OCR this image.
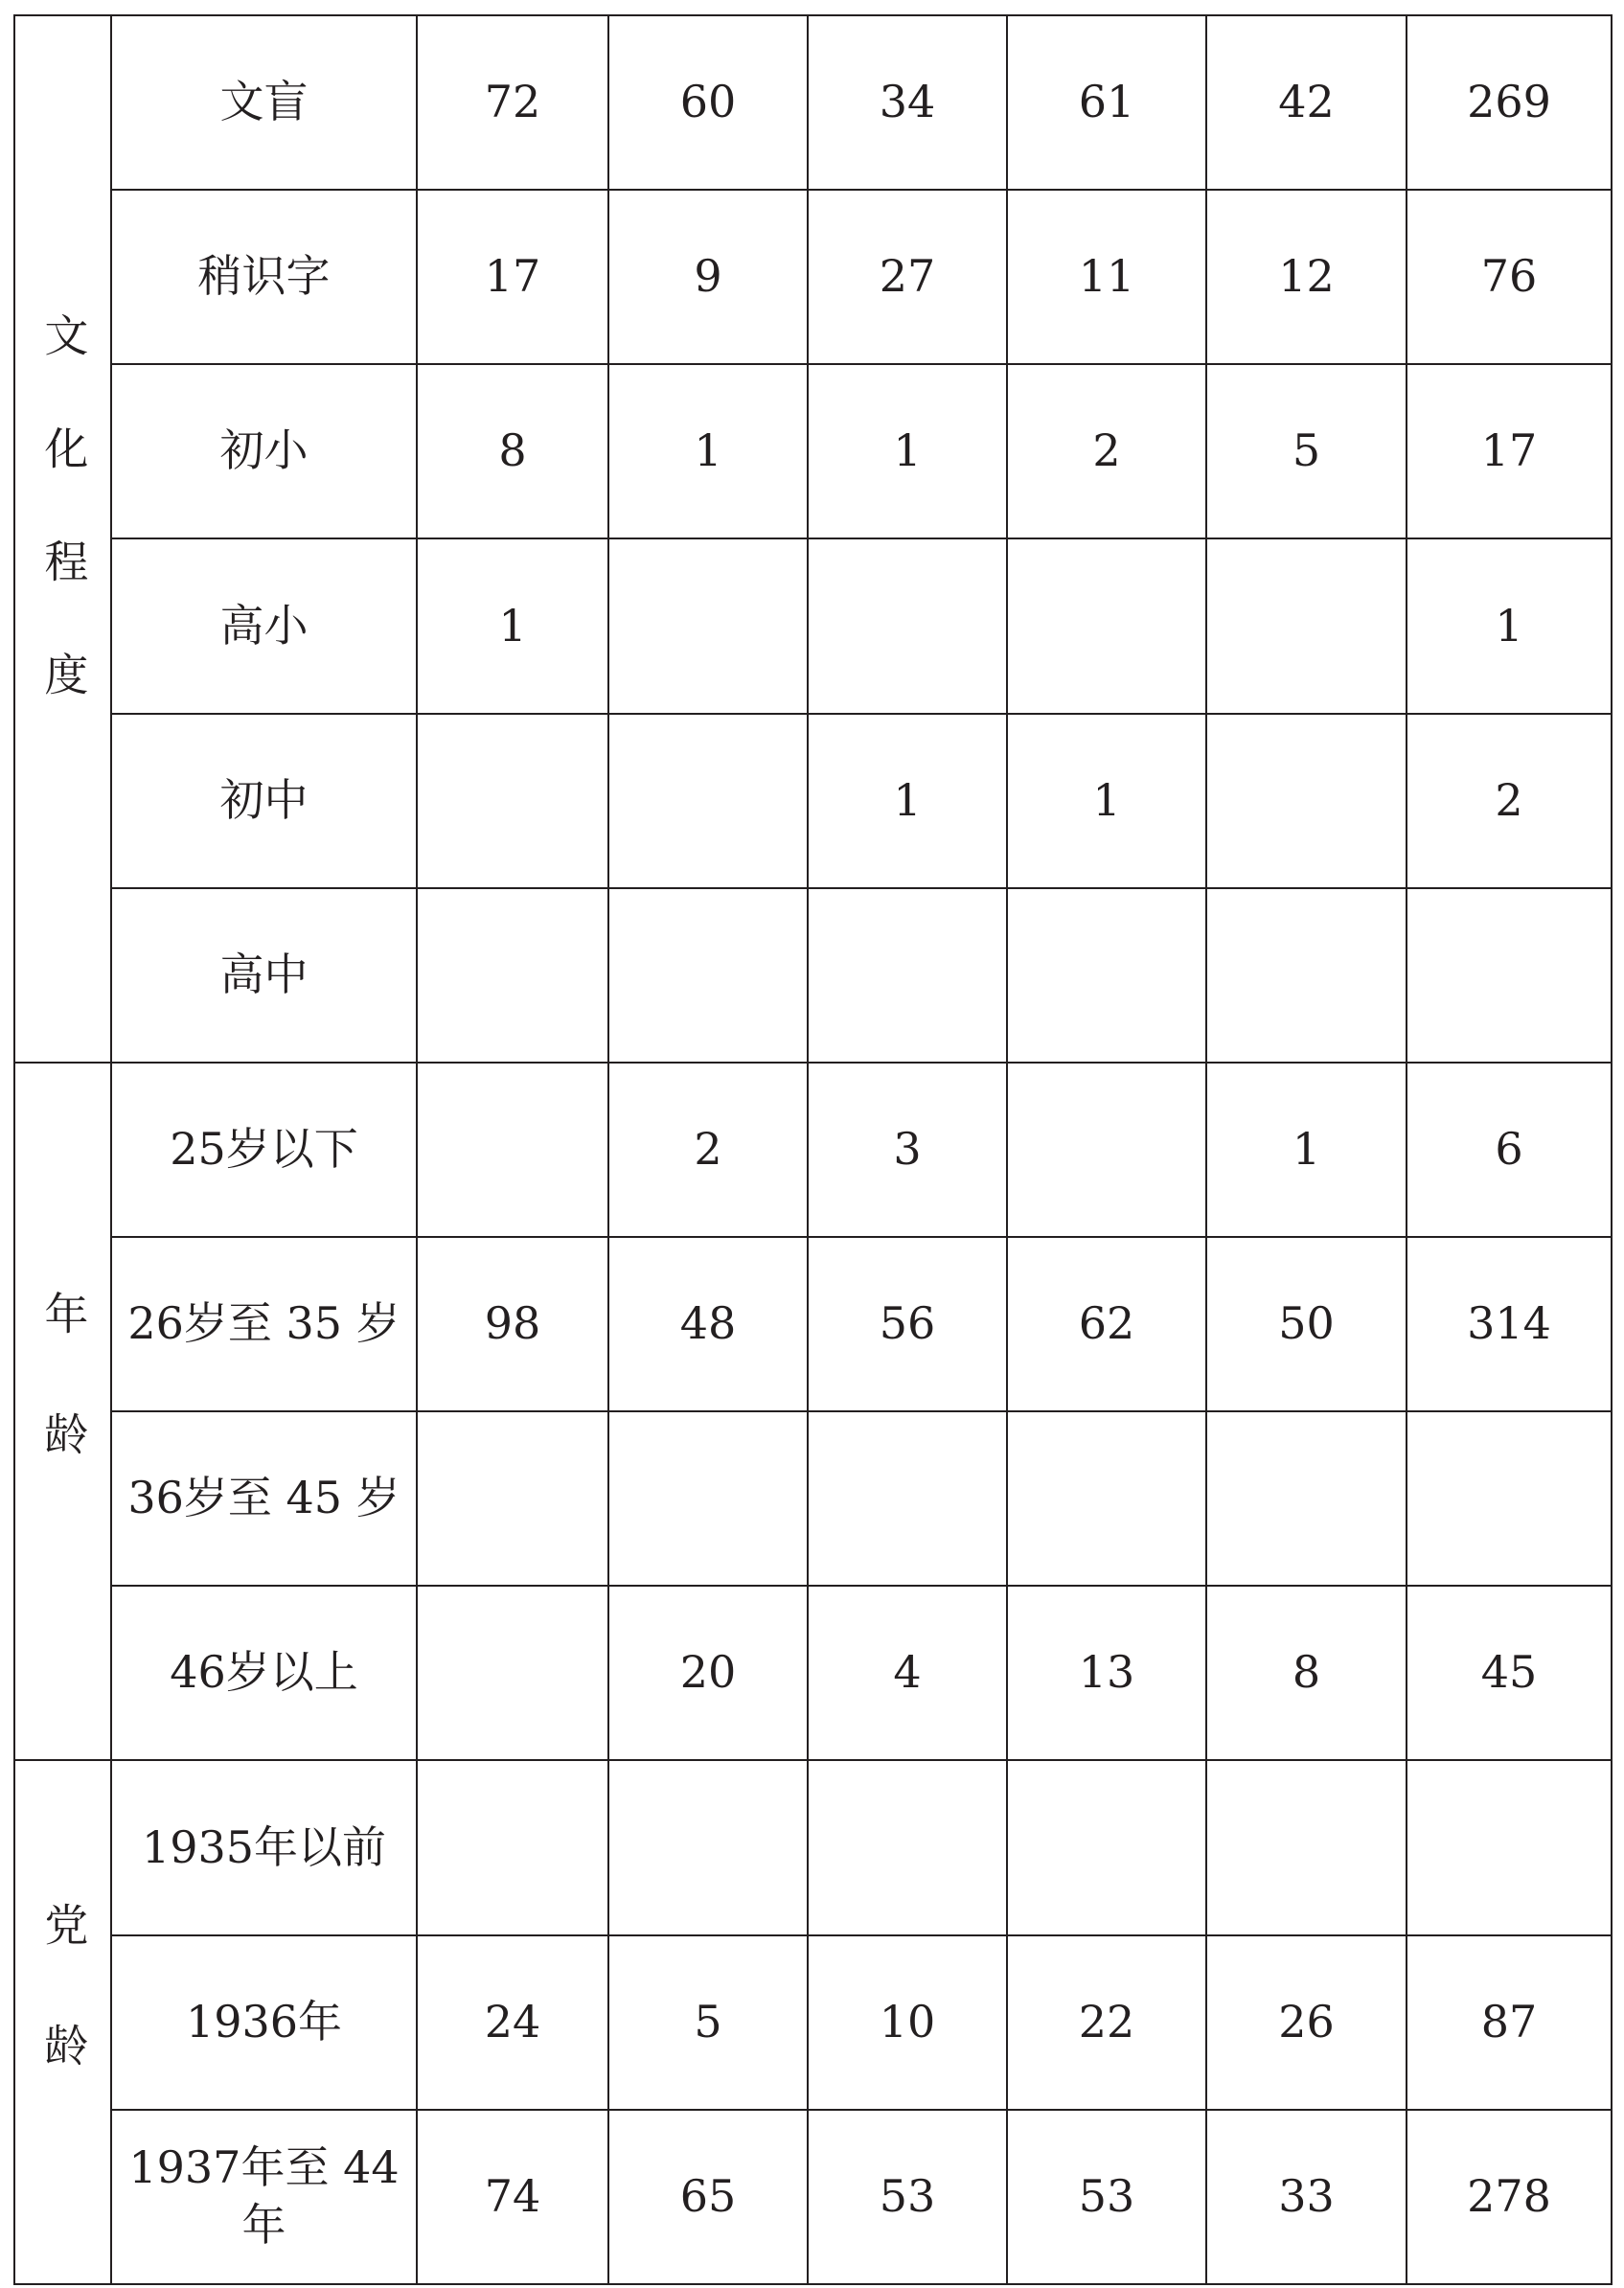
文化程度	文盲	72	60	34	61	42	269
	稍识字	17	9	27	11	12	76
	初小	8	1	1	2	5	17
	高小	1					1
	初中			1	1		2
	高中						
年龄	25岁以下		2	3		1	6
	26岁至 35 岁	98	48	56	62	50	314
	36岁至 45 岁						
	46岁以上		20	4	13	8	45
党龄	1935年以前						
	1936年	24	5	10	22	26	87
	1937年至 44 年	74	65	53	53	33	278
